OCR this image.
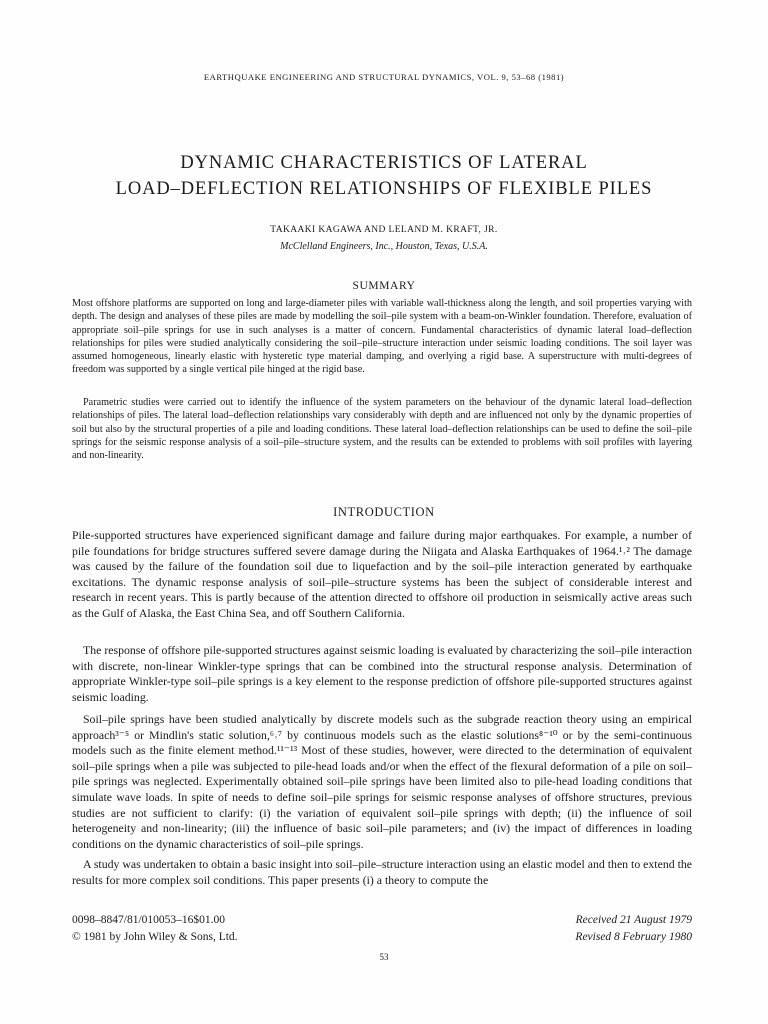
EARTHQUAKE ENGINEERING AND STRUCTURAL DYNAMICS, VOL. 9, 53–68 (1981)
DYNAMIC CHARACTERISTICS OF LATERAL
LOAD–DEFLECTION RELATIONSHIPS OF FLEXIBLE PILES
TAKAAKI KAGAWA AND LELAND M. KRAFT, JR.
McClelland Engineers, Inc., Houston, Texas, U.S.A.
SUMMARY

Most offshore platforms are supported on long and large-diameter piles with variable wall-thickness along the length, and soil properties varying with depth. The design and analyses of these piles are made by modelling the soil–pile system with a beam-on-Winkler foundation. Therefore, evaluation of appropriate soil–pile springs for use in such analyses is a matter of concern. Fundamental characteristics of dynamic lateral load–deflection relationships for piles were studied analytically considering the soil–pile–structure interaction under seismic loading conditions. The soil layer was assumed homogeneous, linearly elastic with hysteretic type material damping, and overlying a rigid base. A superstructure with multi-degrees of freedom was supported by a single vertical pile hinged at the rigid base.

Parametric studies were carried out to identify the influence of the system parameters on the behaviour of the dynamic lateral load–deflection relationships of piles. The lateral load–deflection relationships vary considerably with depth and are influenced not only by the dynamic properties of soil but also by the structural properties of a pile and loading conditions. These lateral load–deflection relationships can be used to define the soil–pile springs for the seismic response analysis of a soil–pile–structure system, and the results can be extended to problems with soil profiles with layering and non-linearity.

INTRODUCTION

Pile-supported structures have experienced significant damage and failure during major earthquakes. For example, a number of pile foundations for bridge structures suffered severe damage during the Niigata and Alaska Earthquakes of 1964.¹˒² The damage was caused by the failure of the foundation soil due to liquefaction and by the soil–pile interaction generated by earthquake excitations. The dynamic response analysis of soil–pile–structure systems has been the subject of considerable interest and research in recent years. This is partly because of the attention directed to offshore oil production in seismically active areas such as the Gulf of Alaska, the East China Sea, and off Southern California.

The response of offshore pile-supported structures against seismic loading is evaluated by characterizing the soil–pile interaction with discrete, non-linear Winkler-type springs that can be combined into the structural response analysis. Determination of appropriate Winkler-type soil–pile springs is a key element to the response prediction of offshore pile-supported structures against seismic loading.

Soil–pile springs have been studied analytically by discrete models such as the subgrade reaction theory using an empirical approach³⁻⁵ or Mindlin's static solution,⁶˒⁷ by continuous models such as the elastic solutions⁸⁻¹⁰ or by the semi-continuous models such as the finite element method.¹¹⁻¹³ Most of these studies, however, were directed to the determination of equivalent soil–pile springs when a pile was subjected to pile-head loads and/or when the effect of the flexural deformation of a pile on soil–pile springs was neglected. Experimentally obtained soil–pile springs have been limited also to pile-head loading conditions that simulate wave loads. In spite of needs to define soil–pile springs for seismic response analyses of offshore structures, previous studies are not sufficient to clarify: (i) the variation of equivalent soil–pile springs with depth; (ii) the influence of soil heterogeneity and non-linearity; (iii) the influence of basic soil–pile parameters; and (iv) the impact of differences in loading conditions on the dynamic characteristics of soil–pile springs.

A study was undertaken to obtain a basic insight into soil–pile–structure interaction using an elastic model and then to extend the results for more complex soil conditions. This paper presents (i) a theory to compute the

0098–8847/81/010053–16$01.00
© 1981 by John Wiley & Sons, Ltd.
Received 21 August 1979
Revised 8 February 1980
53
